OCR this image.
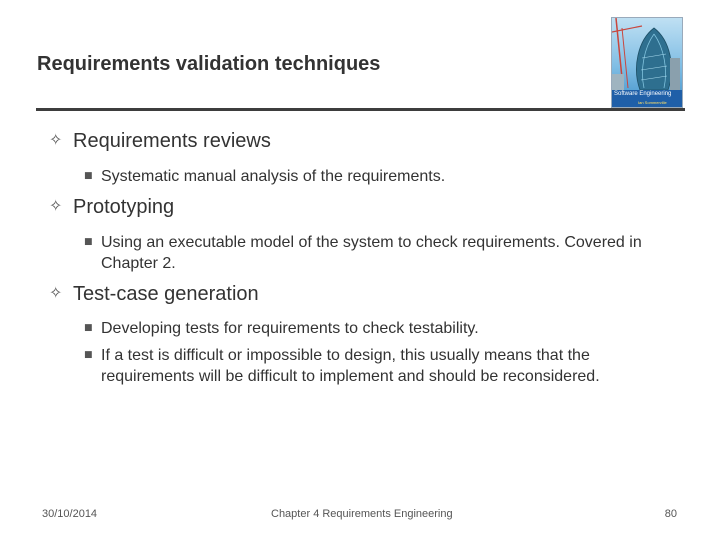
Requirements validation techniques
Software Engineering
Ian Sommerville
✧ Requirements reviews
■ Systematic manual analysis of the requirements.
✧ Prototyping
■ Using an executable model of the system to check requirements. Covered in Chapter 2.
✧ Test-case generation
■ Developing tests for requirements to check testability.
■ If a test is difficult or impossible to design, this usually means that the requirements will be difficult to implement and should be reconsidered.
30/10/2014	Chapter 4 Requirements Engineering	80
